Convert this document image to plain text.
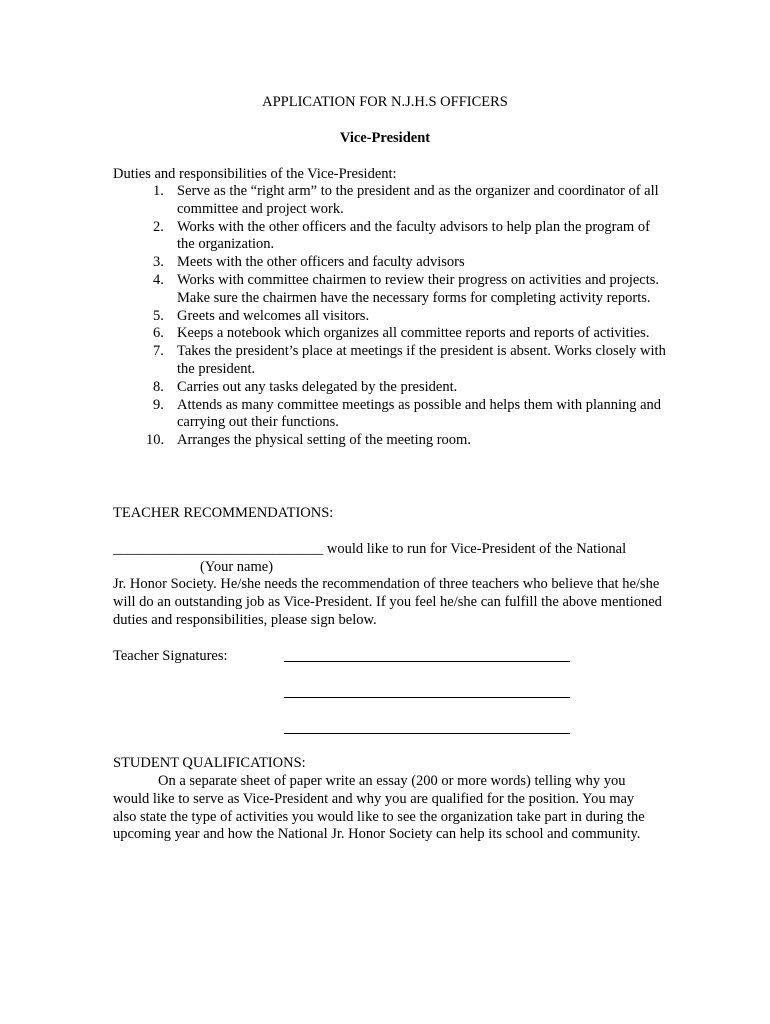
APPLICATION FOR N.J.H.S OFFICERS
Vice-President
Duties and responsibilities of the Vice-President:
1. Serve as the “right arm” to the president and as the organizer and coordinator of all committee and project work.
2. Works with the other officers and the faculty advisors to help plan the program of the organization.
3. Meets with the other officers and faculty advisors
4. Works with committee chairmen to review their progress on activities and projects. Make sure the chairmen have the necessary forms for completing activity reports.
5. Greets and welcomes all visitors.
6. Keeps a notebook which organizes all committee reports and reports of activities.
7. Takes the president’s place at meetings if the president is absent. Works closely with the president.
8. Carries out any tasks delegated by the president.
9. Attends as many committee meetings as possible and helps them with planning and carrying out their functions.
10. Arranges the physical setting of the meeting room.
TEACHER RECOMMENDATIONS:
_____________________________ would like to run for Vice-President of the National
(Your name)
Jr. Honor Society. He/she needs the recommendation of three teachers who believe that he/she will do an outstanding job as Vice-President. If you feel he/she can fulfill the above mentioned duties and responsibilities, please sign below.
Teacher Signatures:
STUDENT QUALIFICATIONS:
On a separate sheet of paper write an essay (200 or more words) telling why you would like to serve as Vice-President and why you are qualified for the position. You may also state the type of activities you would like to see the organization take part in during the upcoming year and how the National Jr. Honor Society can help its school and community.
